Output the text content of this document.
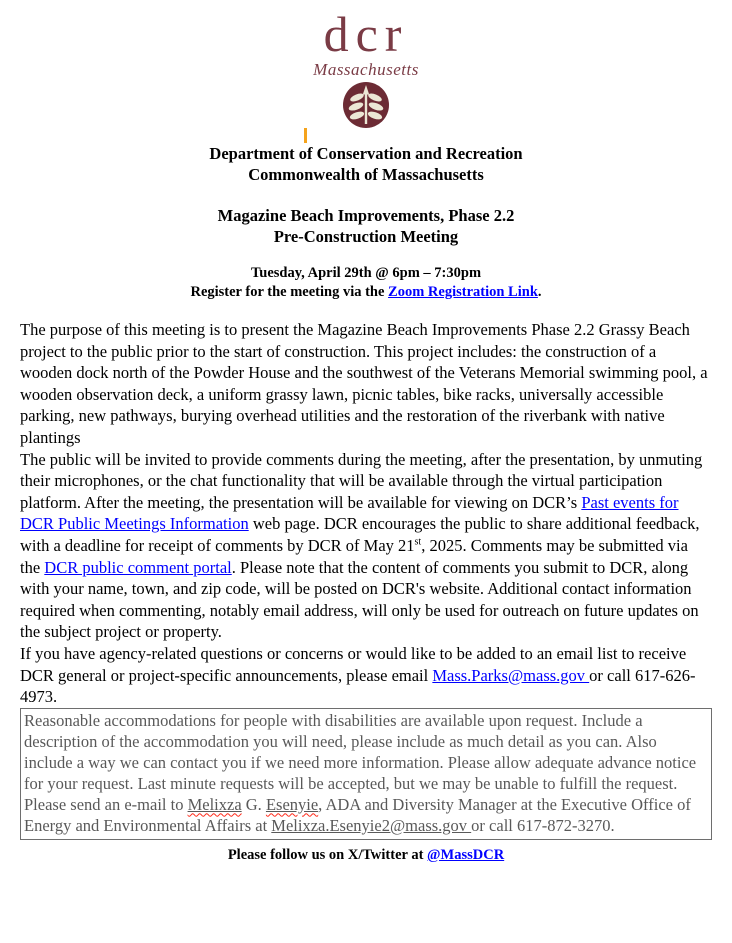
dcr
Massachusetts
Department of Conservation and Recreation
Commonwealth of Massachusetts
Magazine Beach Improvements, Phase 2.2
Pre-Construction Meeting
Tuesday, April 29th @ 6pm – 7:30pm
Register for the meeting via the Zoom Registration Link.

The purpose of this meeting is to present the Magazine Beach Improvements Phase 2.2 Grassy Beach project to the public prior to the start of construction. This project includes: the construction of a wooden dock north of the Powder House and the southwest of the Veterans Memorial swimming pool, a wooden observation deck, a uniform grassy lawn, picnic tables, bike racks, universally accessible parking, new pathways, burying overhead utilities and the restoration of the riverbank with native plantings

The public will be invited to provide comments during the meeting, after the presentation, by unmuting their microphones, or the chat functionality that will be available through the virtual participation platform. After the meeting, the presentation will be available for viewing on DCR’s Past events for DCR Public Meetings Information web page. DCR encourages the public to share additional feedback, with a deadline for receipt of comments by DCR of May 21st, 2025. Comments may be submitted via the DCR public comment portal. Please note that the content of comments you submit to DCR, along with your name, town, and zip code, will be posted on DCR's website. Additional contact information required when commenting, notably email address, will only be used for outreach on future updates on the subject project or property.

If you have agency-related questions or concerns or would like to be added to an email list to receive DCR general or project-specific announcements, please email Mass.Parks@mass.gov or call 617-626-4973.

Reasonable accommodations for people with disabilities are available upon request. Include a description of the accommodation you will need, please include as much detail as you can. Also include a way we can contact you if we need more information. Please allow adequate advance notice for your request. Last minute requests will be accepted, but we may be unable to fulfill the request. Please send an e-mail to Melixza G. Esenyie, ADA and Diversity Manager at the Executive Office of Energy and Environmental Affairs at Melixza.Esenyie2@mass.gov or call 617-872-3270.
Please follow us on X/Twitter at @MassDCR
